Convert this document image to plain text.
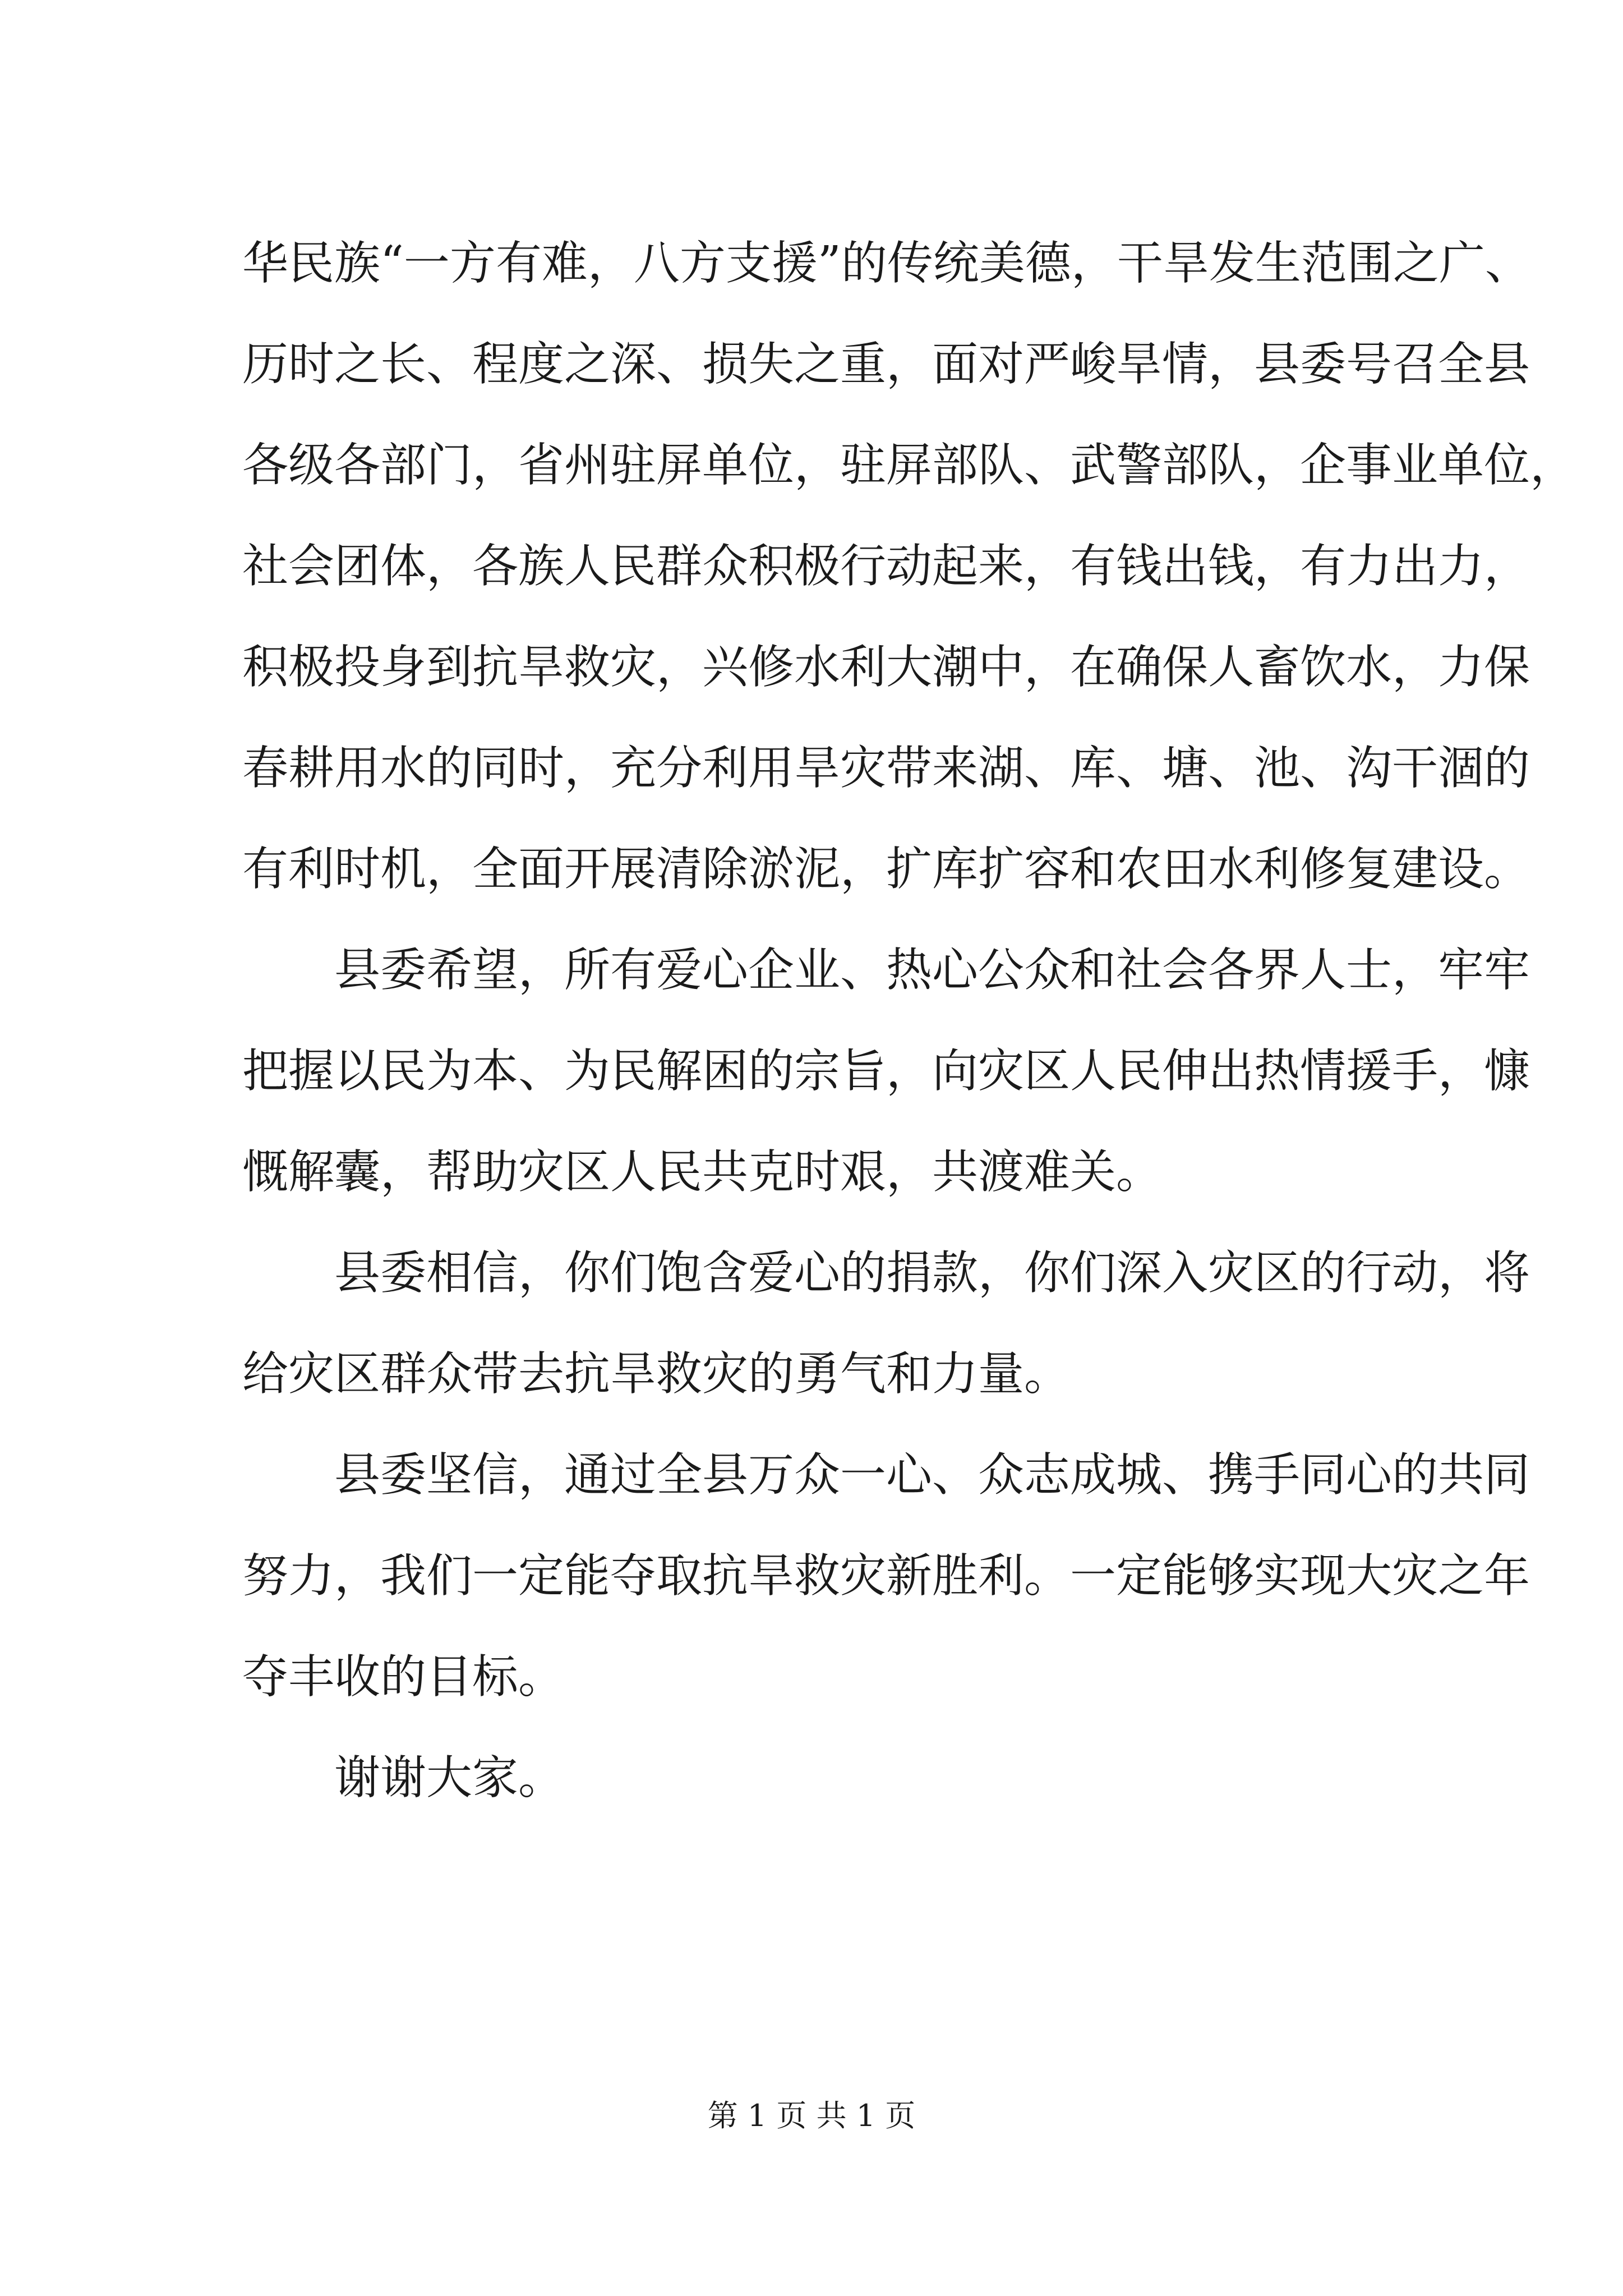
华民族“一方有难，八方支援”的传统美德，干旱发生范围之广、
历时之长、程度之深、损失之重，面对严峻旱情，县委号召全县
各级各部门，省州驻屏单位，驻屏部队、武警部队，企事业单位，
社会团体，各族人民群众积极行动起来，有钱出钱，有力出力，
积极投身到抗旱救灾，兴修水利大潮中，在确保人畜饮水，力保
春耕用水的同时，充分利用旱灾带来湖、库、塘、池、沟干涸的
有利时机，全面开展清除淤泥，扩库扩容和农田水利修复建设。
县委希望，所有爱心企业、热心公众和社会各界人士，牢牢
把握以民为本、为民解困的宗旨，向灾区人民伸出热情援手，慷
慨解囊，帮助灾区人民共克时艰，共渡难关。
县委相信，你们饱含爱心的捐款，你们深入灾区的行动，将
给灾区群众带去抗旱救灾的勇气和力量。
县委坚信，通过全县万众一心、众志成城、携手同心的共同
努力，我们一定能夺取抗旱救灾新胜利。一定能够实现大灾之年
夺丰收的目标。
谢谢大家。
第 1 页 共 1 页
